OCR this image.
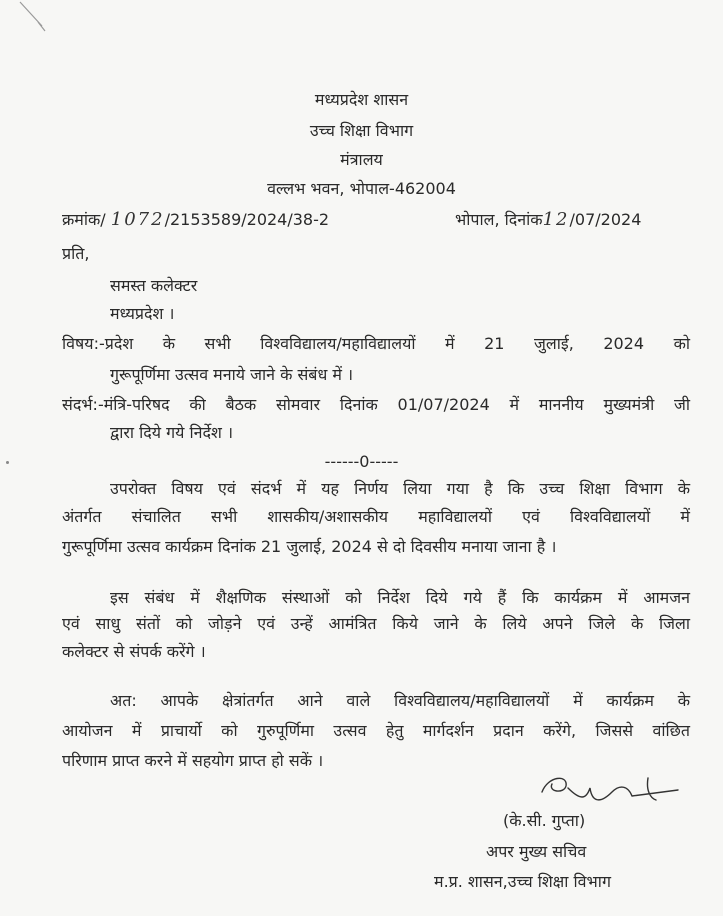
मध्यप्रदेश शासन
उच्च शिक्षा विभाग
मंत्रालय
वल्लभ भवन, भोपाल-462004
क्रमांक/ 1072/2153589/2024/38-2	भोपाल, दिनांक12/07/2024
प्रति,
समस्त कलेक्टर
मध्यप्रदेश ।
विषय:-प्रदेश के सभी विश्वविद्यालय/महाविद्यालयों में 21 जुलाई, 2024 को
गुरूपूर्णिमा उत्सव मनाये जाने के संबंध में ।
संदर्भ:-मंत्रि-परिषद की बैठक सोमवार दिनांक 01/07/2024 में माननीय मुख्यमंत्री जी
द्वारा दिये गये निर्देश ।
------0-----
उपरोक्त विषय एवं संदर्भ में यह निर्णय लिया गया है कि उच्च शिक्षा विभाग के
अंतर्गत संचालित सभी शासकीय/अशासकीय महाविद्यालयों एवं विश्वविद्यालयों में
गुरूपूर्णिमा उत्सव कार्यक्रम दिनांक 21 जुलाई, 2024 से दो दिवसीय मनाया जाना है ।
इस संबंध में शैक्षणिक संस्थाओं को निर्देश दिये गये हैं कि कार्यक्रम में आमजन
एवं साधु संतों को जोड़ने एवं उन्हें आमंत्रित किये जाने के लिये अपने जिले के जिला
कलेक्टर से संपर्क करेंगे ।
अत: आपके क्षेत्रांतर्गत आने वाले विश्वविद्यालय/महाविद्यालयों में कार्यक्रम के
आयोजन में प्राचार्यो को गुरुपूर्णिमा उत्सव हेतु मार्गदर्शन प्रदान करेंगे, जिससे वांछित
परिणाम प्राप्त करने में सहयोग प्राप्त हो सकें ।
(के.सी. गुप्ता)
अपर मुख्य सचिव
म.प्र. शासन,उच्च शिक्षा विभाग
